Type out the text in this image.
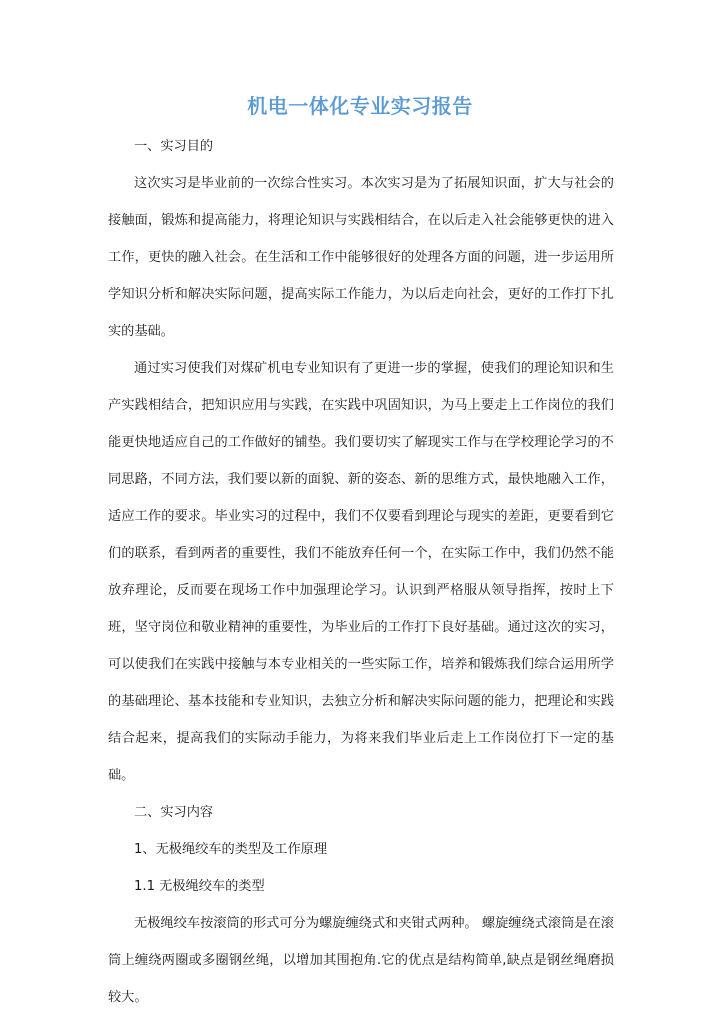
机电一体化专业实习报告

一、实习目的

这次实习是毕业前的一次综合性实习。本次实习是为了拓展知识面，扩大与社会的接触面，锻炼和提高能力，将理论知识与实践相结合，在以后走入社会能够更快的进入工作，更快的融入社会。在生活和工作中能够很好的处理各方面的问题，进一步运用所学知识分析和解决实际问题，提高实际工作能力，为以后走向社会，更好的工作打下扎实的基础。

通过实习使我们对煤矿机电专业知识有了更进一步的掌握，使我们的理论知识和生产实践相结合，把知识应用与实践，在实践中巩固知识，为马上要走上工作岗位的我们能更快地适应自己的工作做好的铺垫。我们要切实了解现实工作与在学校理论学习的不同思路，不同方法，我们要以新的面貌、新的姿态、新的思维方式，最快地融入工作，适应工作的要求。毕业实习的过程中，我们不仅要看到理论与现实的差距，更要看到它们的联系，看到两者的重要性，我们不能放弃任何一个，在实际工作中，我们仍然不能放弃理论，反而要在现场工作中加强理论学习。认识到严格服从领导指挥，按时上下班，坚守岗位和敬业精神的重要性，为毕业后的工作打下良好基础。通过这次的实习，可以使我们在实践中接触与本专业相关的一些实际工作，培养和锻炼我们综合运用所学的基础理论、基本技能和专业知识，去独立分析和解决实际问题的能力，把理论和实践结合起来，提高我们的实际动手能力，为将来我们毕业后走上工作岗位打下一定的基础。

二、实习内容

1、无极绳绞车的类型及工作原理

1.1 无极绳绞车的类型

无极绳绞车按滚筒的形式可分为螺旋缠绕式和夹钳式两种。 螺旋缠绕式滚筒是在滚筒上缠绕两圈或多圈钢丝绳，以增加其围抱角.它的优点是结构简单,缺点是钢丝绳磨损较大。
